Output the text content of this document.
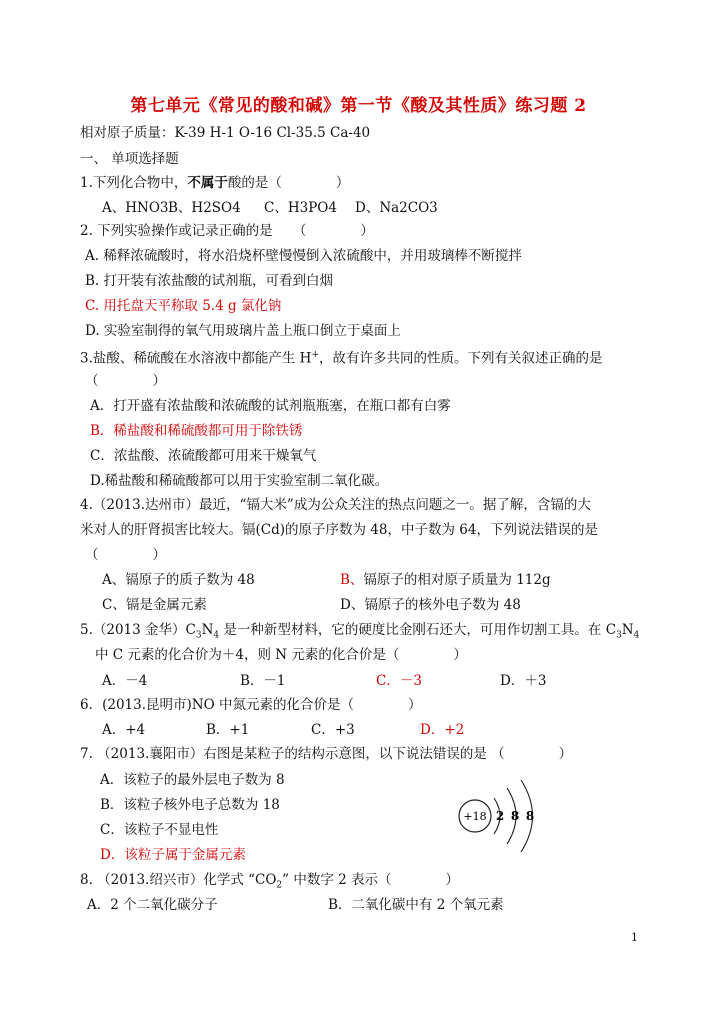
第七单元《常见的酸和碱》第一节《酸及其性质》练习题 2
相对原子质量：K-39 H-1 O-16 Cl-35.5 Ca-40
一、 单项选择题
1.下列化合物中，不属于酸的是（　　　　）
A、HNO3 B、H2SO4 C、H3PO4 D、Na2CO3
2. 下列实验操作或记录正确的是　　（　　　　）
A. 稀释浓硫酸时，将水沿烧杯壁慢慢倒入浓硫酸中，并用玻璃棒不断搅拌
B. 打开装有浓盐酸的试剂瓶，可看到白烟
C. 用托盘天平称取 5.4 g 氯化钠
D. 实验室制得的氧气用玻璃片盖上瓶口倒立于桌面上
3.盐酸、稀硫酸在水溶液中都能产生 H+，故有许多共同的性质。下列有关叙述正确的是
（　　　　）
A．打开盛有浓盐酸和浓硫酸的试剂瓶瓶塞，在瓶口都有白雾
B．稀盐酸和稀硫酸都可用于除铁锈
C．浓盐酸、浓硫酸都可用来干燥氧气
D.稀盐酸和稀硫酸都可以用于实验室制二氧化碳。
4.（2013.达州市）最近，“镉大米”成为公众关注的热点问题之一。据了解，含镉的大
米对人的肝肾损害比较大。镉(Cd)的原子序数为 48，中子数为 64，下列说法错误的是
（　　　　）
A、镉原子的质子数为 48	B、镉原子的相对原子质量为 112g
C、镉是金属元素	D、镉原子的核外电子数为 48
5.（2013 金华）$C_3N_4$ 是一种新型材料，它的硬度比金刚石还大，可用作切割工具。在 $C_3N_4$
中 C 元素的化合价为＋4，则 N 元素的化合价是（　　　　）
A．－4	B．－1	C．－3	D．＋3
6．(2013.昆明市)NO 中氮元素的化合价是（　　　　）
A．+4	B．+1	C．+3	D．+2
7. （2013.襄阳市）右图是某粒子的结构示意图，以下说法错误的是 （　　　　）
A．该粒子的最外层电子数为 8
B．该粒子核外电子总数为 18
C．该粒子不显电性
D．该粒子属于金属元素
+18 2 8 8
8. （2013.绍兴市）化学式 “$CO_2$” 中数字 2 表示（　　　　）
A．2 个二氧化碳分子	B．二氧化碳中有 2 个氧元素
1
